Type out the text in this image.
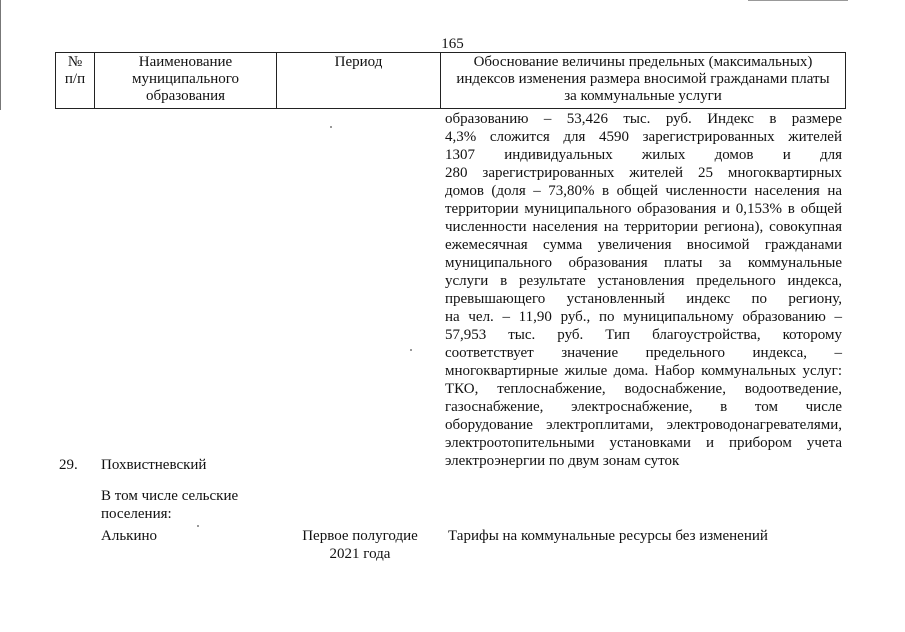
165
№
п/п
Наименование
муниципального
образования
Период	Обоснование величины предельных (максимальных)
индексов изменения размера вносимой гражданами платы
за коммунальные услуги
образованию – 53,426 тыс. руб. Индекс в размере
4,3% сложится для 4590 зарегистрированных жителей
1307 индивидуальных жилых домов и для
280 зарегистрированных жителей 25 многоквартирных
домов (доля – 73,80% в общей численности населения на
территории муниципального образования и 0,153% в общей
численности населения на территории региона), совокупная
ежемесячная сумма увеличения вносимой гражданами
муниципального образования платы за коммунальные
услуги в результате установления предельного индекса,
превышающего установленный индекс по региону,
на чел. – 11,90 руб., по муниципальному образованию –
57,953 тыс. руб. Тип благоустройства, которому
соответствует значение предельного индекса, –
многоквартирные жилые дома. Набор коммунальных услуг:
ТКО, теплоснабжение, водоснабжение, водоотведение,
газоснабжение, электроснабжение, в том числе
оборудование электроплитами, электроводонагревателями,
электроотопительными установками и прибором учета
электроэнергии по двум зонам суток
29. Похвистневский
В том числе сельские
поселения:
Алькино	Первое полугодие
2021 года
Тарифы на коммунальные ресурсы без изменений
